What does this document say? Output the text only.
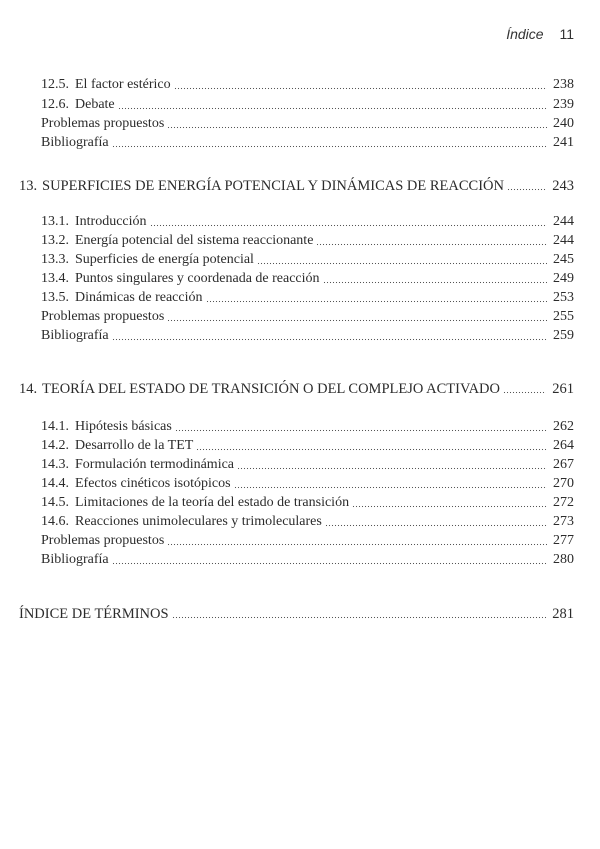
Índice 11
12.5. El factor estérico	238
12.6. Debate	239
Problemas propuestos	240
Bibliografía	241
13. SUPERFICIES DE ENERGÍA POTENCIAL Y DINÁMICAS DE REACCIÓN	243
13.1. Introducción	244
13.2. Energía potencial del sistema reaccionante	244
13.3. Superficies de energía potencial	245
13.4. Puntos singulares y coordenada de reacción	249
13.5. Dinámicas de reacción	253
Problemas propuestos	255
Bibliografía	259
14. TEORÍA DEL ESTADO DE TRANSICIÓN O DEL COMPLEJO ACTIVADO	261
14.1. Hipótesis básicas	262
14.2. Desarrollo de la TET	264
14.3. Formulación termodinámica	267
14.4. Efectos cinéticos isotópicos	270
14.5. Limitaciones de la teoría del estado de transición	272
14.6. Reacciones unimoleculares y trimoleculares	273
Problemas propuestos	277
Bibliografía	280
ÍNDICE DE TÉRMINOS	281
